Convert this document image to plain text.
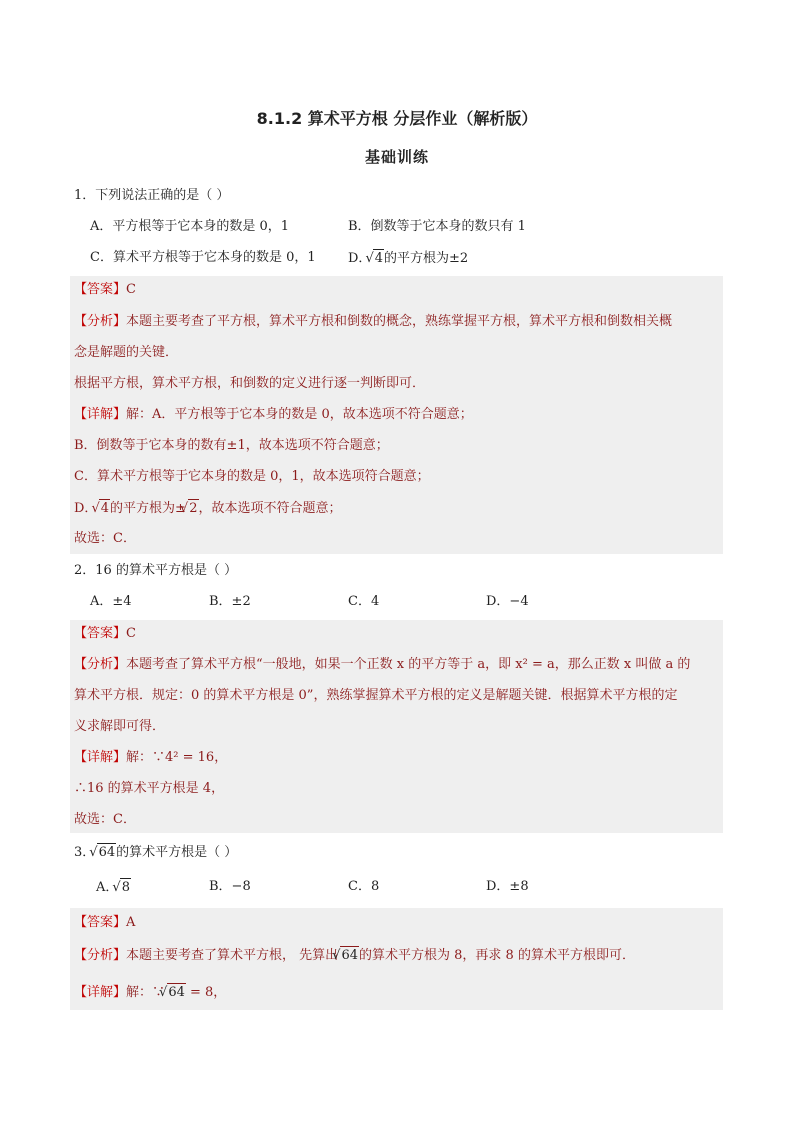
8.1.2 算术平方根 分层作业（解析版）
基础训练
1．下列说法正确的是（ ）
A．平方根等于它本身的数是 0，1	B．倒数等于它本身的数只有 1
C．算术平方根等于它本身的数是 0，1 D． √ 4的平方根为±2
【答案】C
【分析】本题主要考查了平方根，算术平方根和倒数的概念，熟练掌握平方根，算术平方根和倒数相关概
念是解题的关键．
根据平方根，算术平方根，和倒数的定义进行逐一判断即可．
【详解】解：A．平方根等于它本身的数是 0，故本选项不符合题意；
B．倒数等于它本身的数有±1，故本选项不符合题意；
C．算术平方根等于它本身的数是 0，1，故本选项符合题意；
D． √ 4的平方根为± √ 2，故本选项不符合题意；
故选：C．
2．16 的算术平方根是（ ）
A．±4	B．±2	C．4	D．−4
【答案】C
【分析】本题考查了算术平方根“一般地，如果一个正数 x 的平方等于 a，即 x² = a，那么正数 x 叫做 a 的
算术平方根．规定：0 的算术平方根是 0”，熟练掌握算术平方根的定义是解题关键．根据算术平方根的定
义求解即可得．
【详解】解：∵4² = 16，
∴16 的算术平方根是 4，
故选：C．
3． √ 64的算术平方根是（ ）
A． √ 8	B．−8	C．8	D．±8
【答案】A
【分析】本题主要考查了算术平方根， 先算出 √ 64的算术平方根为 8，再求 8 的算术平方根即可．
【详解】解：∵ √ 64 = 8，
